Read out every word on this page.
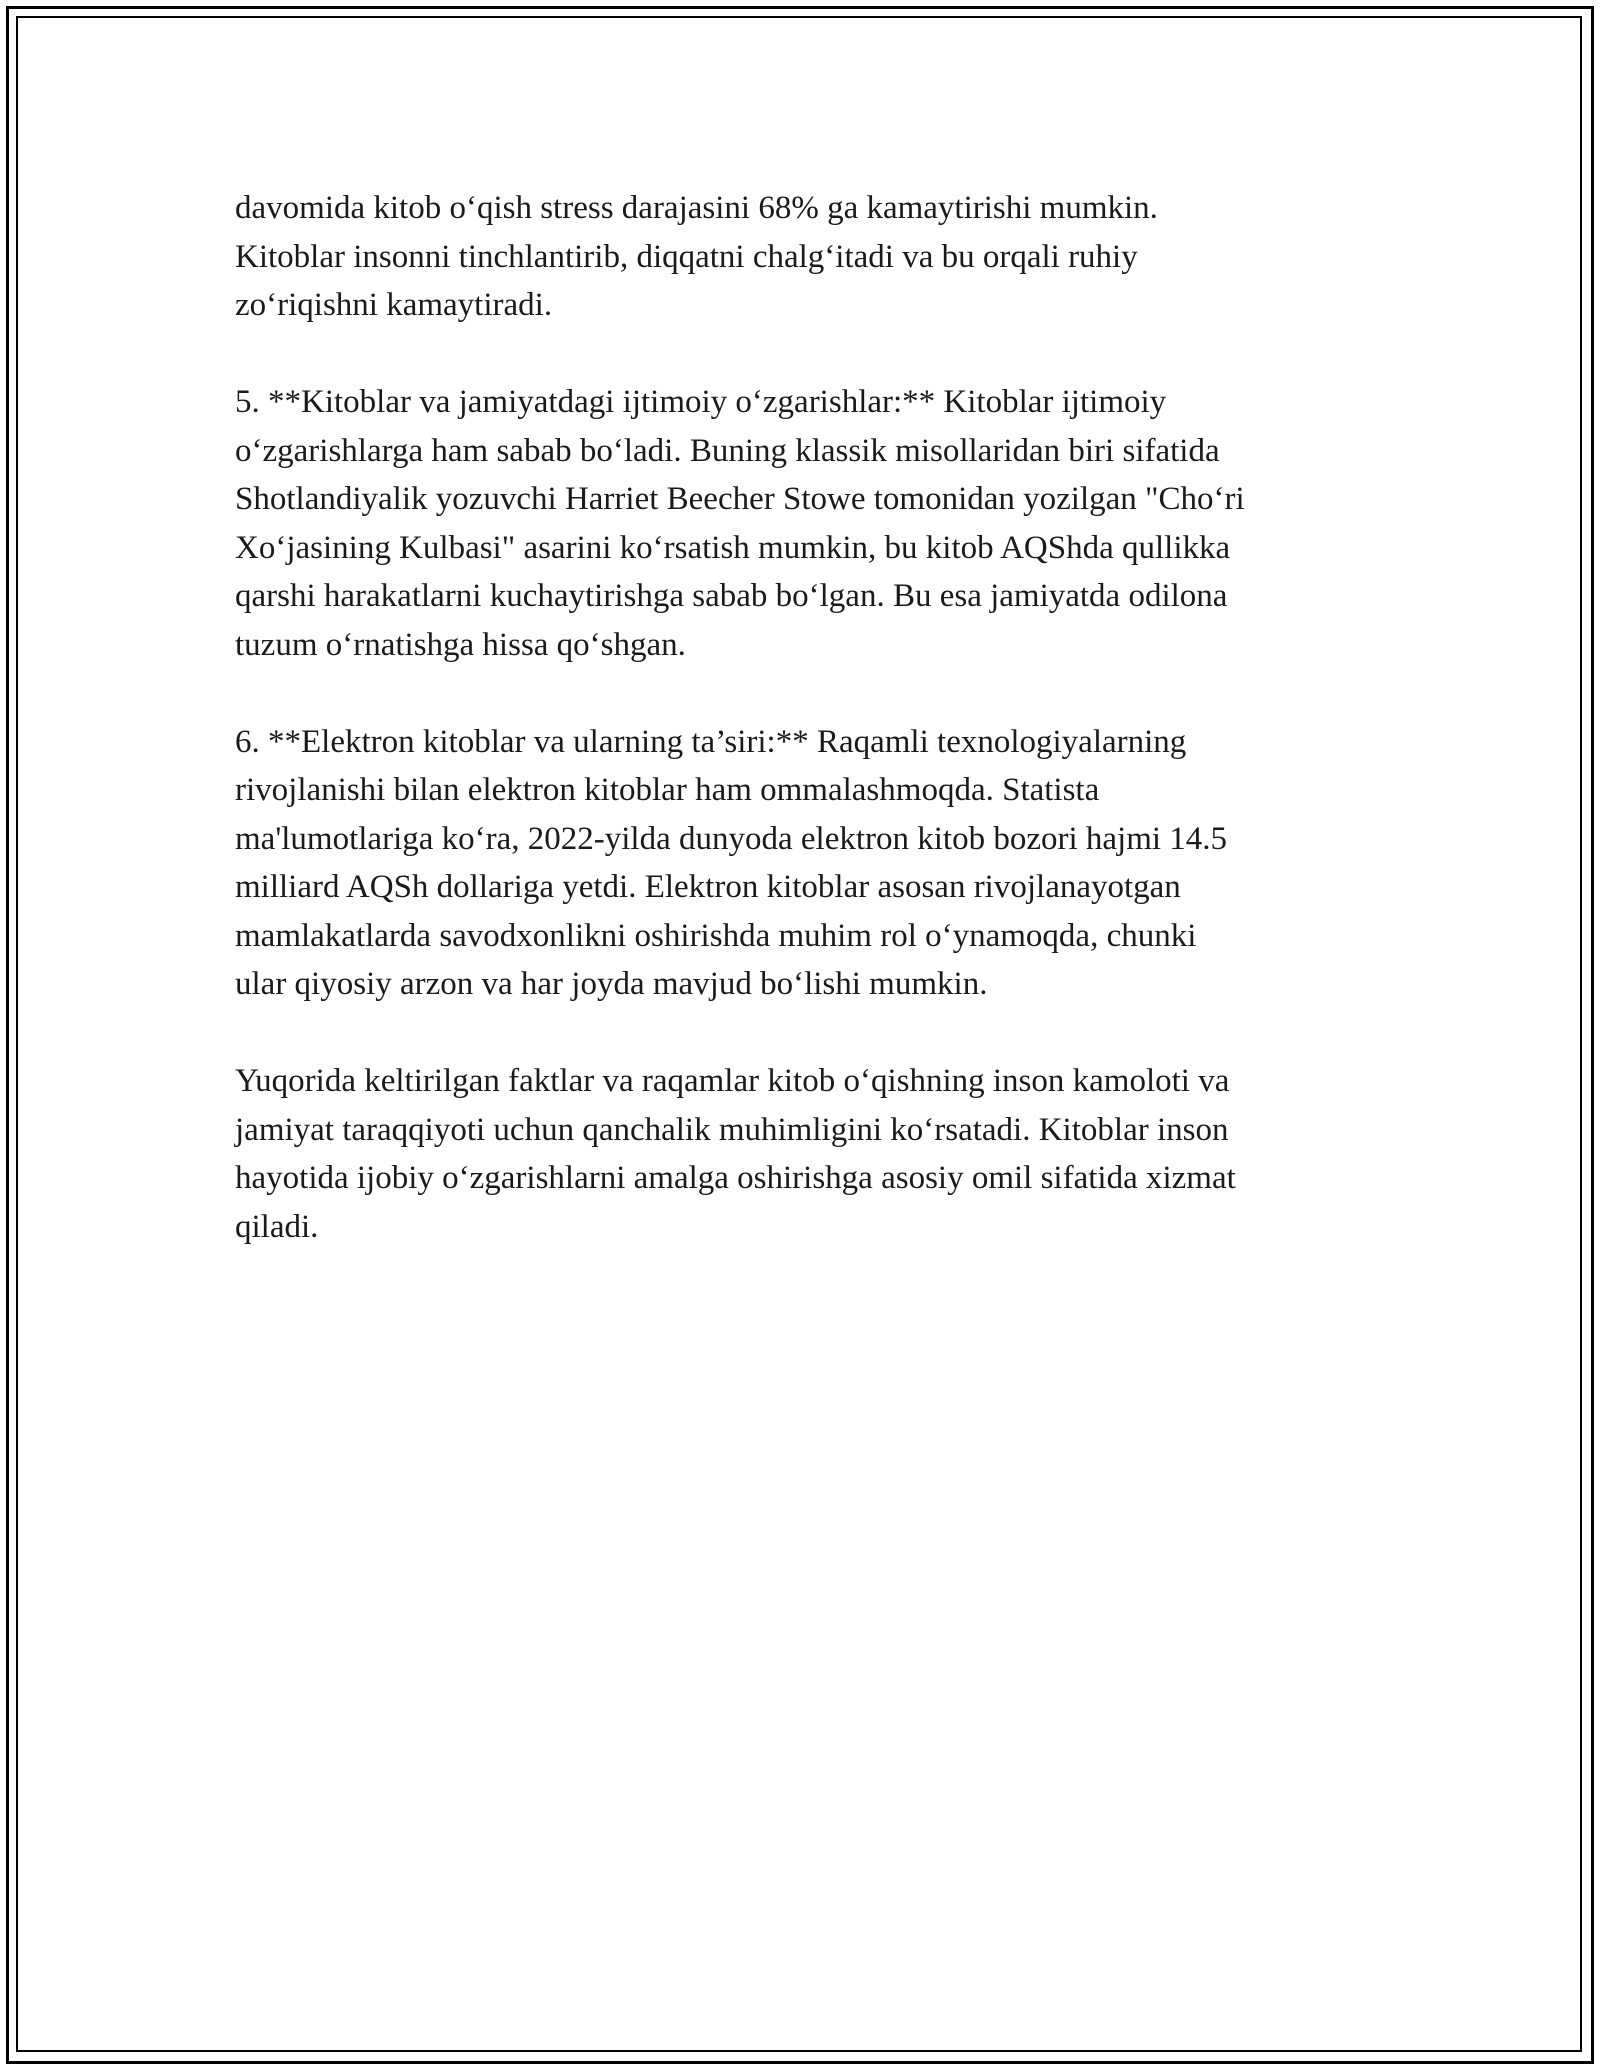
davomida kitob o‘qish stress darajasini 68% ga kamaytirishi mumkin.
Kitoblar insonni tinchlantirib, diqqatni chalg‘itadi va bu orqali ruhiy
zo‘riqishni kamaytiradi.

5. **Kitoblar va jamiyatdagi ijtimoiy o‘zgarishlar:** Kitoblar ijtimoiy
o‘zgarishlarga ham sabab bo‘ladi. Buning klassik misollaridan biri sifatida
Shotlandiyalik yozuvchi Harriet Beecher Stowe tomonidan yozilgan "Cho‘ri
Xo‘jasining Kulbasi" asarini ko‘rsatish mumkin, bu kitob AQShda qullikka
qarshi harakatlarni kuchaytirishga sabab bo‘lgan. Bu esa jamiyatda odilona
tuzum o‘rnatishga hissa qo‘shgan.

6. **Elektron kitoblar va ularning ta’siri:** Raqamli texnologiyalarning
rivojlanishi bilan elektron kitoblar ham ommalashmoqda. Statista
ma'lumotlariga ko‘ra, 2022-yilda dunyoda elektron kitob bozori hajmi 14.5
milliard AQSh dollariga yetdi. Elektron kitoblar asosan rivojlanayotgan
mamlakatlarda savodxonlikni oshirishda muhim rol o‘ynamoqda, chunki
ular qiyosiy arzon va har joyda mavjud bo‘lishi mumkin.

Yuqorida keltirilgan faktlar va raqamlar kitob o‘qishning inson kamoloti va
jamiyat taraqqiyoti uchun qanchalik muhimligini ko‘rsatadi. Kitoblar inson
hayotida ijobiy o‘zgarishlarni amalga oshirishga asosiy omil sifatida xizmat
qiladi.
